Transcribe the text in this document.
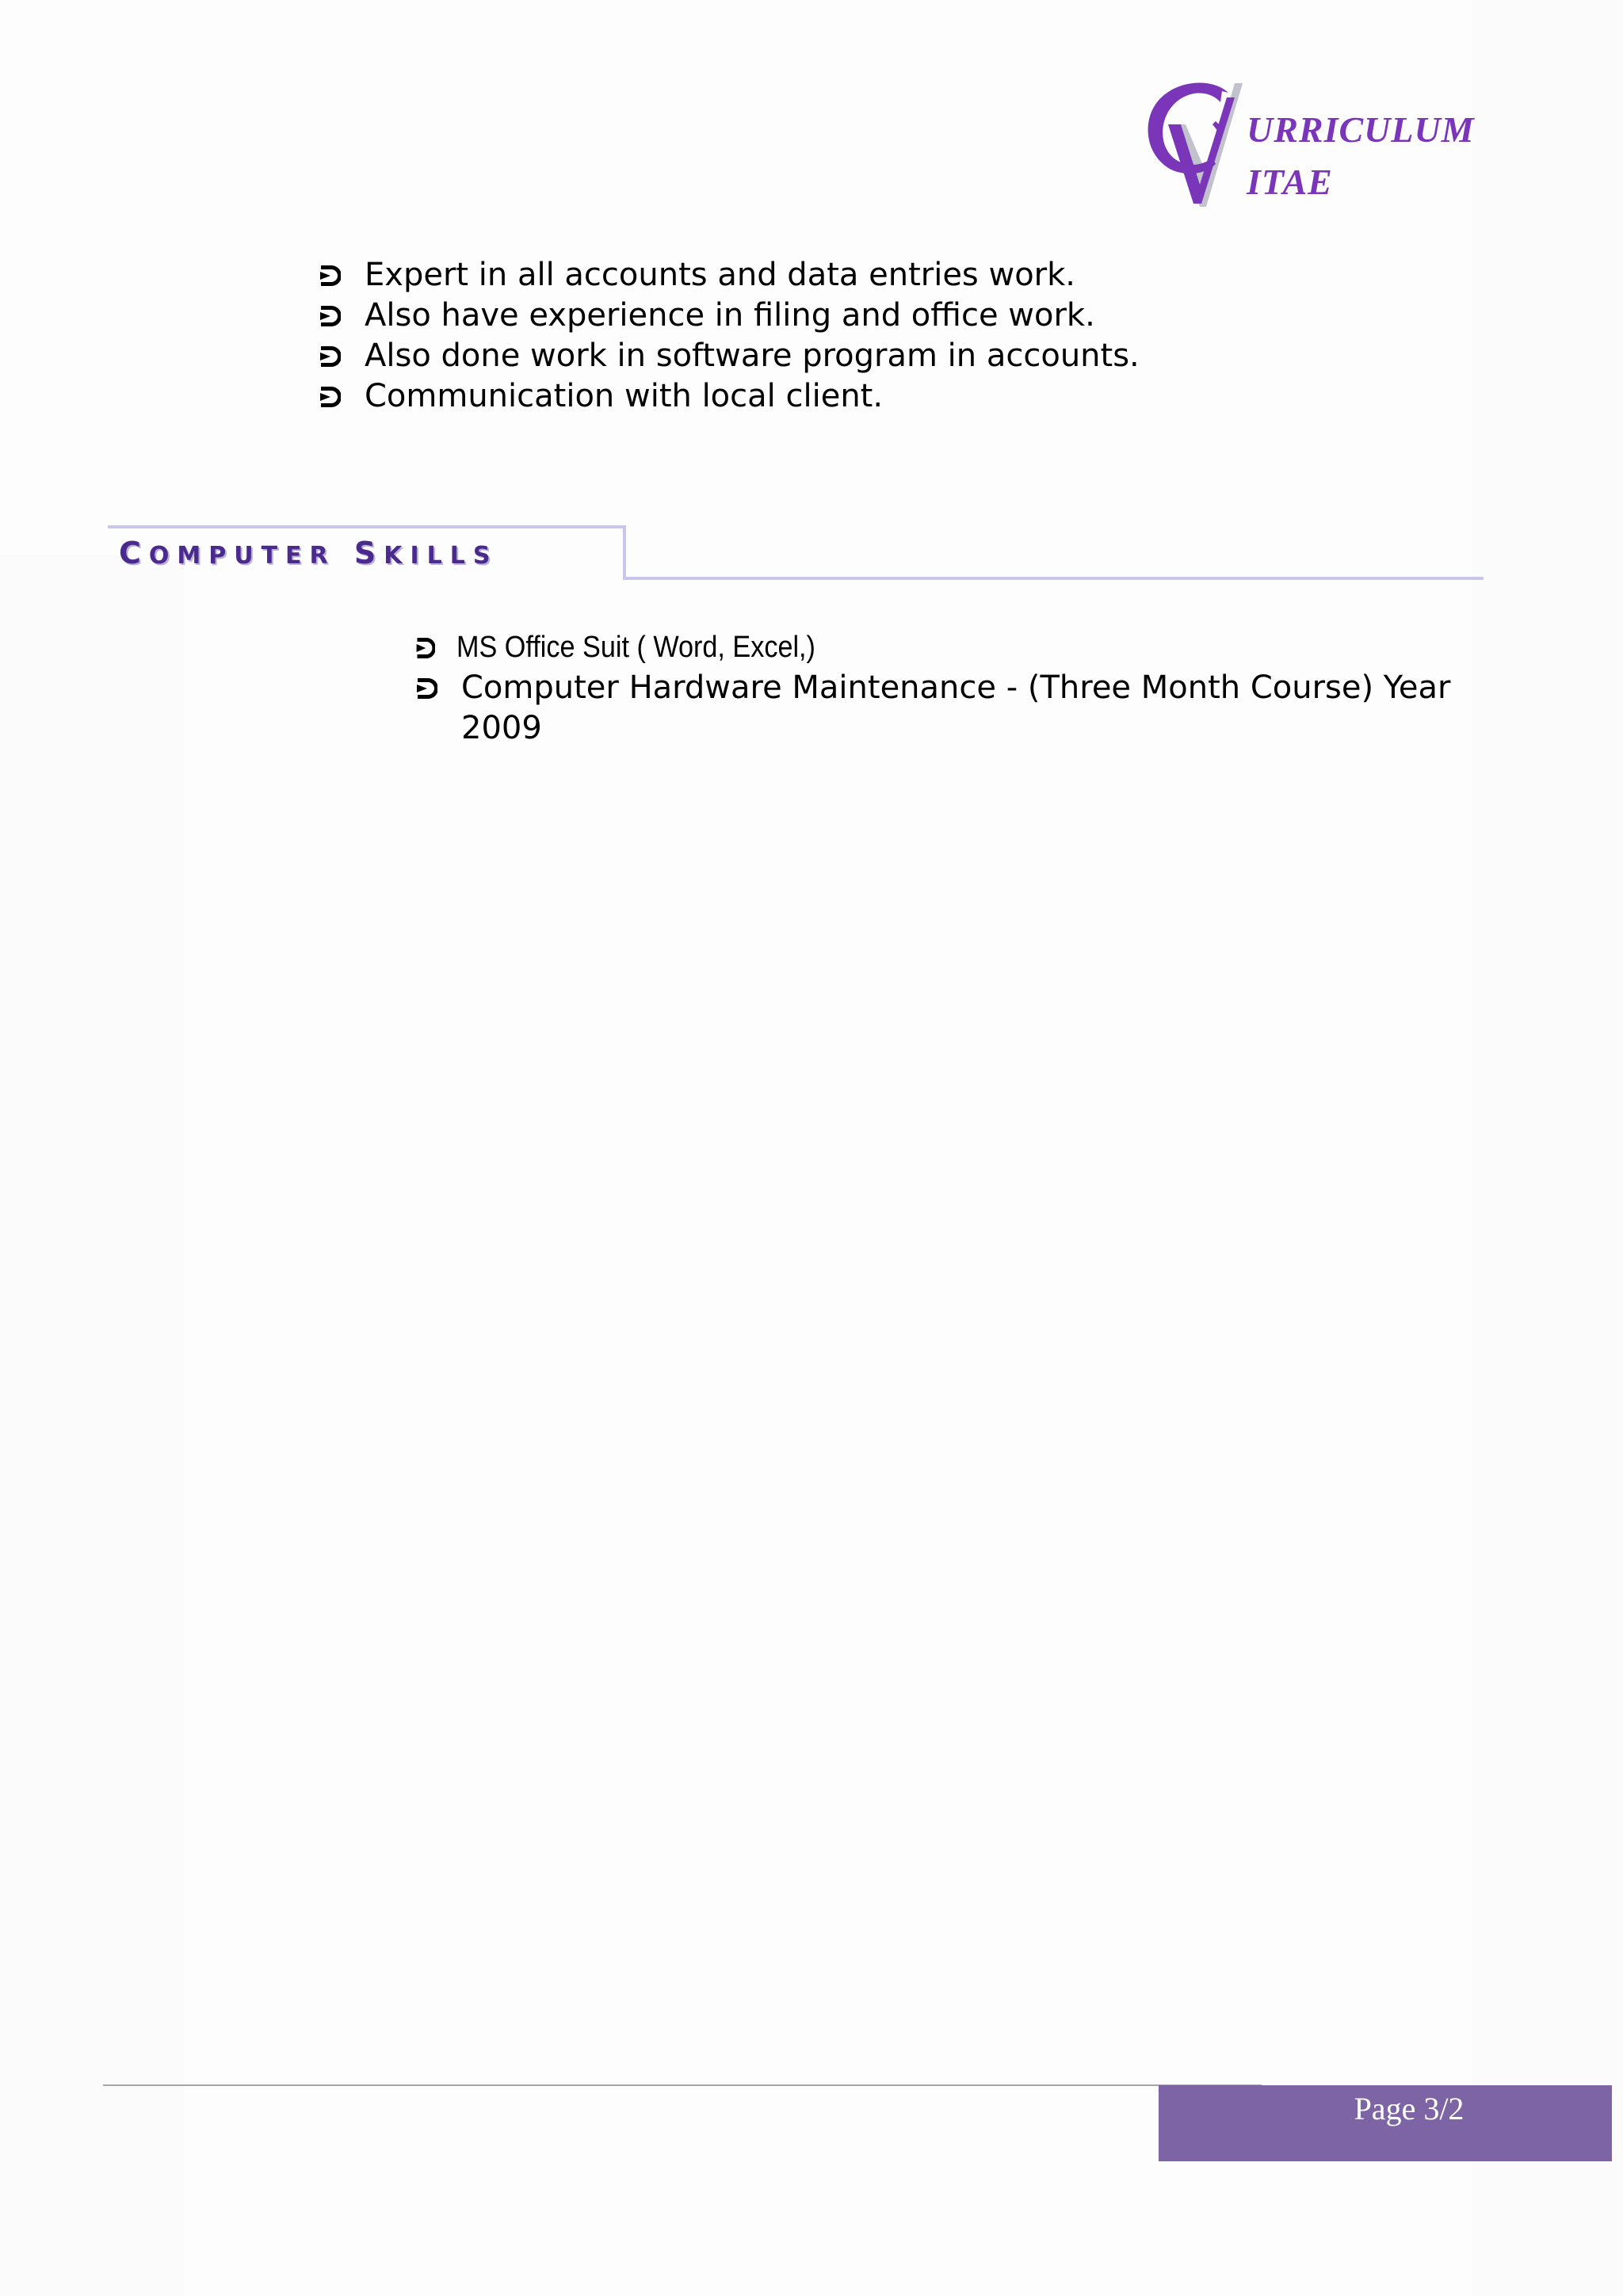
URRICULUM
ITAE
Expert in all accounts and data entries work.
Also have experience in filing and office work.
Also done work in software program in accounts.
Communication with local client.
COMPUTER SKILLS
MS Office Suit ( Word, Excel,)
Computer Hardware Maintenance - (Three Month Course) Year 2009
Page 3/2
